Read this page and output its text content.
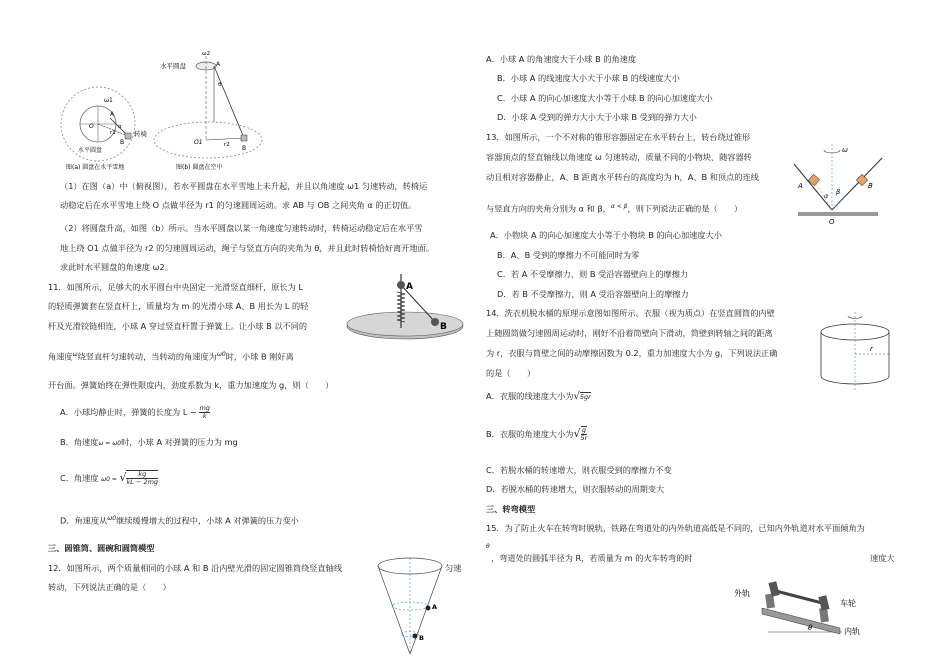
ω1
O
A
B
r1
α
水平圆盘
转椅
图(a) 圆盘在水平雪地
ω2
A
θ
O1	r2 B
水平圆盘
图(b) 圆盘在空中
（1）在图（a）中（俯视图），若水平圆盘在水平雪地上未升起，并且以角速度 ω1 匀速转动，转椅运
动稳定后在水平雪地上绕 O 点做半径为 r1 的匀速圆周运动。求 AB 与 OB 之间夹角 α 的正切值。
（2）将圆盘升高，如图（b）所示。当水平圆盘以某一角速度匀速转动时，转椅运动稳定后在水平雪
地上绕 O1 点做半径为 r2 的匀速圆周运动，绳子与竖直方向的夹角为 θ，并且此时转椅恰好离开地面。
求此时水平圆盘的角速度 ω2。
11．如图所示，足够大的水平圆台中央固定一光滑竖直细杆，原长为 L
的轻质弹簧套在竖直杆上，质量均为 m 的光滑小球 A、B 用长为 L 的轻
杆及光滑铰链相连，小球 A 穿过竖直杆置于弹簧上。让小球 B 以不同的
角速度$^\omega$绕竖直杆匀速转动，当转动的角速度为$^{\omega 0}$时，小球 B 刚好离
开台面。弹簧始终在弹性限度内，劲度系数为 k，重力加速度为 g，则（　　）
A．小球均静止时，弹簧的长度为 $L - \frac{mg}{k}$
B．角速度ω = ω0时，小球 A 对弹簧的压力为 mg
C．角速度 ω0 = √ $\frac{kg}{kL - 2mg}$
D．角速度从$^{\omega 0}$继续缓慢增大的过程中，小球 A 对弹簧的压力变小
A
B
三、圆锥筒、圆碗和圆筒模型
12．如图所示，两个质量相同的小球 A 和 B 沿内壁光滑的固定圆锥筒绕竖直轴线	匀速
转动，下列说法正确的是（　　）
A
B
A．小球 A 的角速度大于小球 B 的角速度
B．小球 A 的线速度大小大于小球 B 的线速度大小
C．小球 A 的向心加速度大小等于小球 B 的向心加速度大小
D．小球 A 受到的弹力大小大于小球 B 受到的弹力大小
13．如图所示，一个不对称的锥形容器固定在水平转台上，转台绕过锥形
容器顶点的竖直轴线以角速度 ω 匀速转动，质量不同的小物块、随容器转
动且相对容器静止，A、B 距离水平转台的高度均为 h，A、B 和顶点的连线
与竖直方向的夹角分别为 α 和 β，$^{\alpha < \beta}$，则下列说法正确的是（　　）
ω
A	B
α β
O
A．小物块 A 的向心加速度大小等于小物块 B 的向心加速度大小
B．A、B 受到的摩擦力不可能同时为零
C．若 A 不受摩擦力，则 B 受沿容器壁向上的摩擦力
D．若 B 不受摩擦力，则 A 受沿容器壁向上的摩擦力
14．洗衣机脱水桶的原理示意图如图所示。衣服（视为质点）在竖直圆筒的内壁
上随圆筒做匀速圆周运动时，刚好不沿着筒壁向下滑动，筒壁到转轴之间的距离
为 r，衣服与筒壁之间的动摩擦因数为 0.2，重力加速度大小为 g，下列说法正确
的是（　　）
A．衣服的线速度大小为√5gr
B．衣服的角速度大小为√ $\frac{g}{5r}$
C．若脱水桶的转速增大，则衣服受到的摩擦力不变
D．若脱水桶的转速增大，则衣服转动的周期变大
r
三、转弯模型
15．为了防止火车在转弯时脱轨，铁路在弯道处的内外轨道高低是不同的，已知内外轨道对水平面倾角为
θ
，弯道处的圆弧半径为 R，若质量为 m 的火车转弯的时	速度大
外轨
车轮
内轨
θ
